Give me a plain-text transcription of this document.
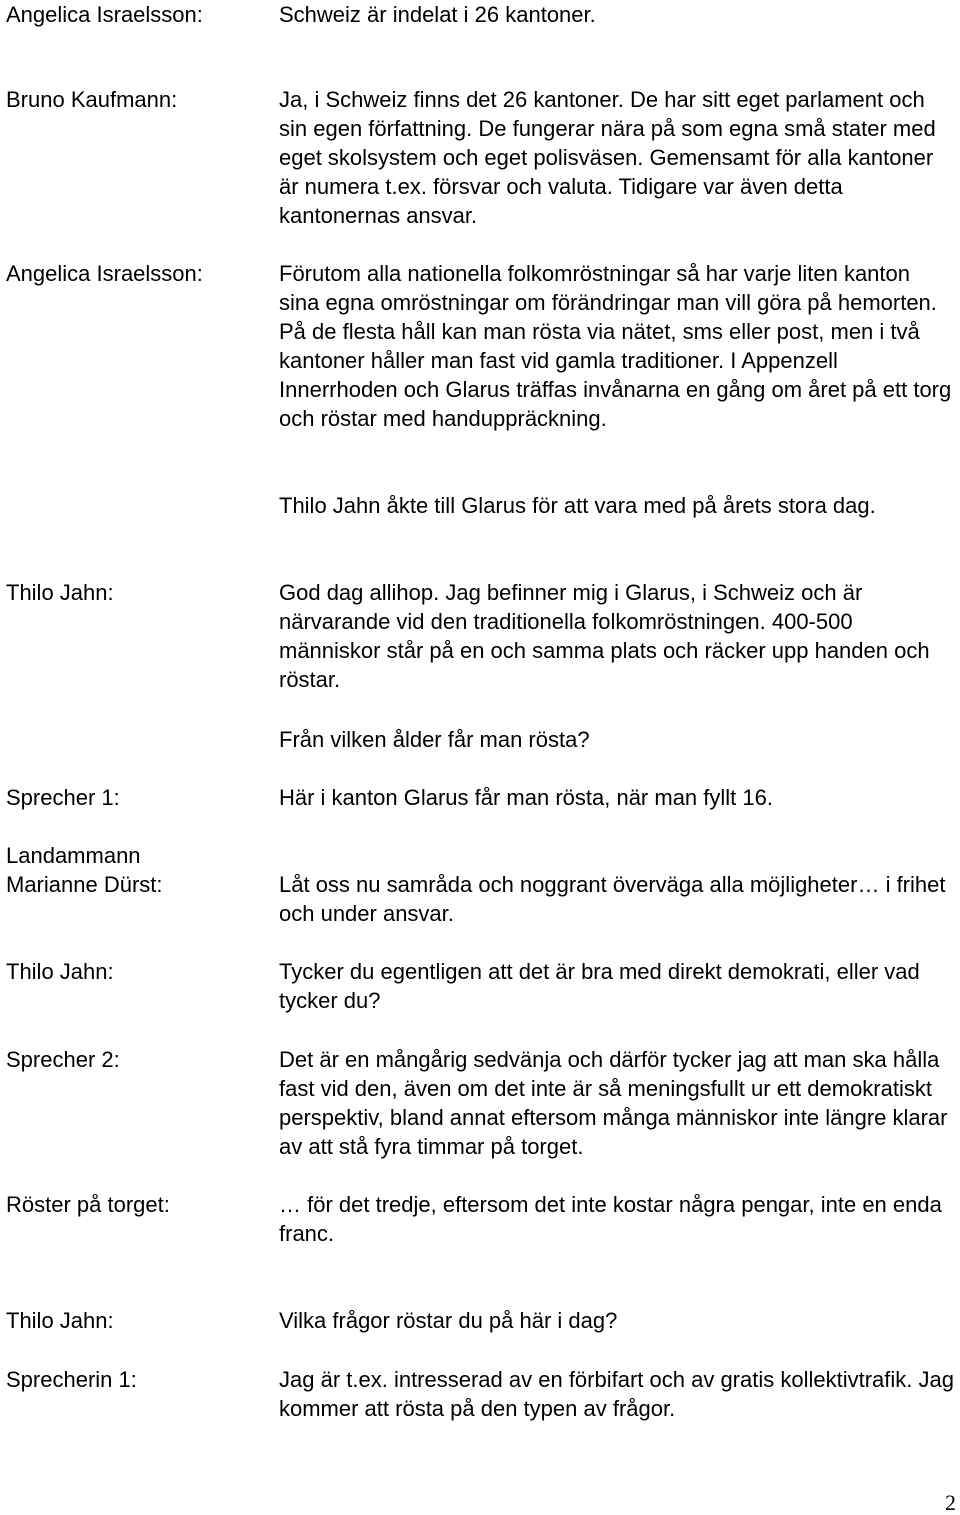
Angelica Israelsson:	Schweiz är indelat i 26 kantoner.
Bruno Kaufmann:	Ja, i Schweiz finns det 26 kantoner. De har sitt eget parlament och sin egen författning. De fungerar nära på som egna små stater med eget skolsystem och eget polisväsen. Gemensamt för alla kantoner är numera t.ex. försvar och valuta. Tidigare var även detta kantonernas ansvar.
Angelica Israelsson:	Förutom alla nationella folkomröstningar så har varje liten kanton sina egna omröstningar om förändringar man vill göra på hemorten. På de flesta håll kan man rösta via nätet, sms eller post, men i två kantoner håller man fast vid gamla traditioner. I Appenzell Innerrhoden och Glarus träffas invånarna en gång om året på ett torg och röstar med handuppräckning.
Thilo Jahn åkte till Glarus för att vara med på årets stora dag.
Thilo Jahn:	God dag allihop. Jag befinner mig i Glarus, i Schweiz och är närvarande vid den traditionella folkomröstningen. 400-500 människor står på en och samma plats och räcker upp handen och röstar.
Från vilken ålder får man rösta?
Sprecher 1:	Här i kanton Glarus får man rösta, när man fyllt 16.
Landammann Marianne Dürst:	Låt oss nu samråda och noggrant överväga alla möjligheter… i frihet och under ansvar.
Thilo Jahn:	Tycker du egentligen att det är bra med direkt demokrati, eller vad tycker du?
Sprecher 2:	Det är en mångårig sedvänja och därför tycker jag att man ska hålla fast vid den, även om det inte är så meningsfullt ur ett demokratiskt perspektiv, bland annat eftersom många människor inte längre klarar av att stå fyra timmar på torget.
Röster på torget:	… för det tredje, eftersom det inte kostar några pengar, inte en enda franc.
Thilo Jahn:	Vilka frågor röstar du på här i dag?
Sprecherin 1:	Jag är t.ex. intresserad av en förbifart och av gratis kollektivtrafik. Jag kommer att rösta på den typen av frågor.
2
